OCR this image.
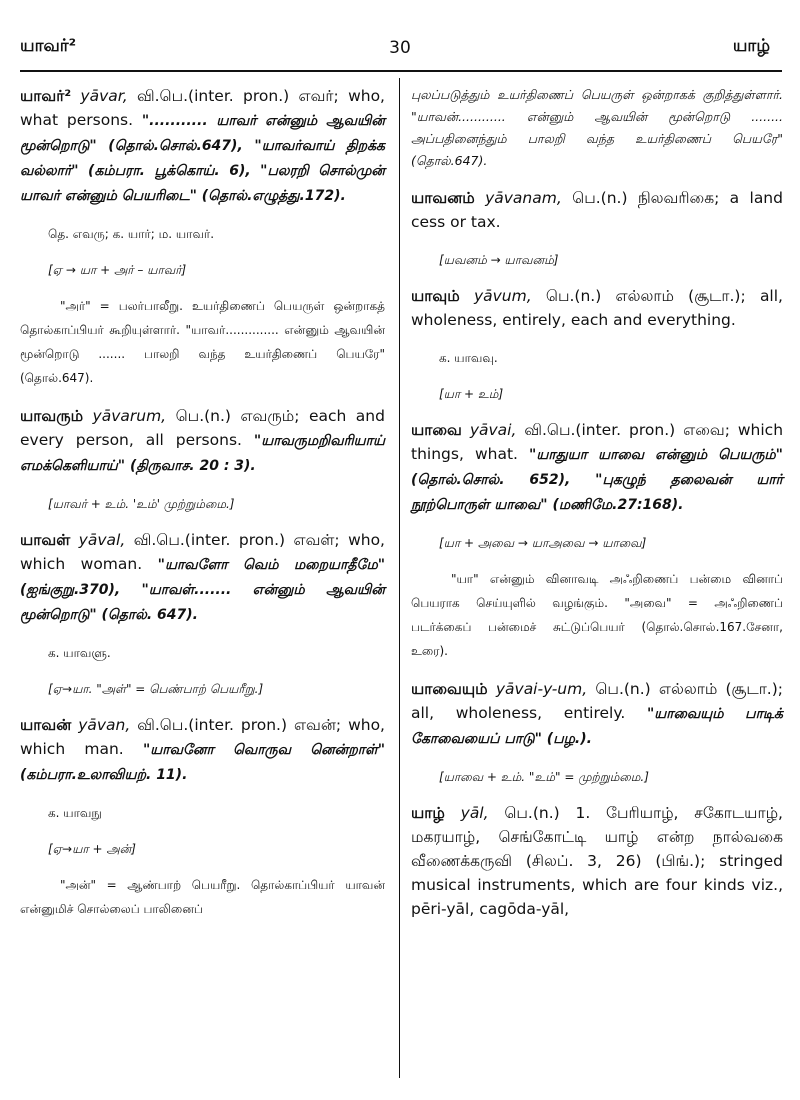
யாவர்²	30	யாழ்

யாவர்² yāvar, வி.பெ.(inter. pron.) எவர்; who, what persons. "........... யாவர் என்னும் ஆவயின் மூன்றொடு" (தொல்.சொல்.647), "யாவர்வாய் திறக்க வல்லார்" (கம்பரா. பூக்கொய். 6), "பலரறி சொல்முன் யாவர் என்னும் பெயரிடை" (தொல்.எழுத்து.172).

தெ. எவரு; க. யார்; ம. யாவர்.
[ஏ → யா + அர் – யாவர்]
"அர்" = பலர்பாலீறு. உயர்திணைப் பெயருள் ஒன்றாகத் தொல்காப்பியர் கூறியுள்ளார். "யாவர்.............. என்னும் ஆவயின் மூன்றொடு ....... பாலறி வந்த உயர்திணைப் பெயரே" (தொல்.647).

யாவரும் yāvarum, பெ.(n.) எவரும்; each and every person, all persons. "யாவருமறிவரியாய் எமக்கெளியாய்" (திருவாச. 20 : 3).

[யாவர் + உம். 'உம்' முற்றும்மை.]

யாவள் yāval, வி.பெ.(inter. pron.) எவள்; who, which woman. "யாவளோ வெம் மறையாதீமே" (ஐங்குறு.370), "யாவள்....... என்னும் ஆவயின் மூன்றொடு" (தொல். 647).

க. யாவளு.
[ஏ→யா. "அள்" = பெண்பாற் பெயரீறு.]

யாவன் yāvan, வி.பெ.(inter. pron.) எவன்; who, which man. "யாவனோ வொருவ னென்றாள்" (கம்பரா.உலாவியற். 11).

க. யாவநு
[ஏ→யா + அன்]
"அன்" = ஆண்பாற் பெயரீறு. தொல்காப்பியர் யாவன் என்னுமிச் சொல்லைப் பாலினைப்
புலப்படுத்தும் உயர்திணைப் பெயருள் ஒன்றாகக் குறித்துள்ளார். "யாவன்............ என்னும் ஆவயின் மூன்றொடு ........ அப்பதினைந்தும் பாலறி வந்த உயர்திணைப் பெயரே" (தொல்.647).

யாவனம் yāvanam, பெ.(n.) நிலவரிகை; a land cess or tax.

[யவனம் → யாவனம்]

யாவும் yāvum, பெ.(n.) எல்லாம் (சூடா.); all, wholeness, entirely, each and everything.

க. யாவவு.
[யா + உம்]

யாவை yāvai, வி.பெ.(inter. pron.) எவை; which things, what. "யாதுயா யாவை என்னும் பெயரும்" (தொல்.சொல். 652), "புகழுந் தலைவன் யார் நூற்பொருள் யாவை" (மணிமே.27:168).

[யா + அவை → யாஅவை → யாவை]
"யா" என்னும் வினாவடி அஃறிணைப் பன்மை வினாப் பெயராக செய்யுளில் வழங்கும். "அவை" = அஃறிணைப் படர்க்கைப் பன்மைச் சுட்டுப்பெயர் (தொல்.சொல்.167.சேனா, உரை).

யாவையும் yāvai-y-um, பெ.(n.) எல்லாம் (சூடா.); all, wholeness, entirely. "யாவையும் பாடிக் கோவையைப் பாடு" (பழ.).

[யாவை + உம். "உம்" = முற்றும்மை.]

யாழ் yāl, பெ.(n.) 1. பேரியாழ், சகோடயாழ், மகரயாழ், செங்கோட்டி யாழ் என்ற நால்வகை வீணைக்கருவி (சிலப். 3, 26) (பிங்.); stringed musical instruments, which are four kinds viz., pēri-yāl, cagōda-yāl,
